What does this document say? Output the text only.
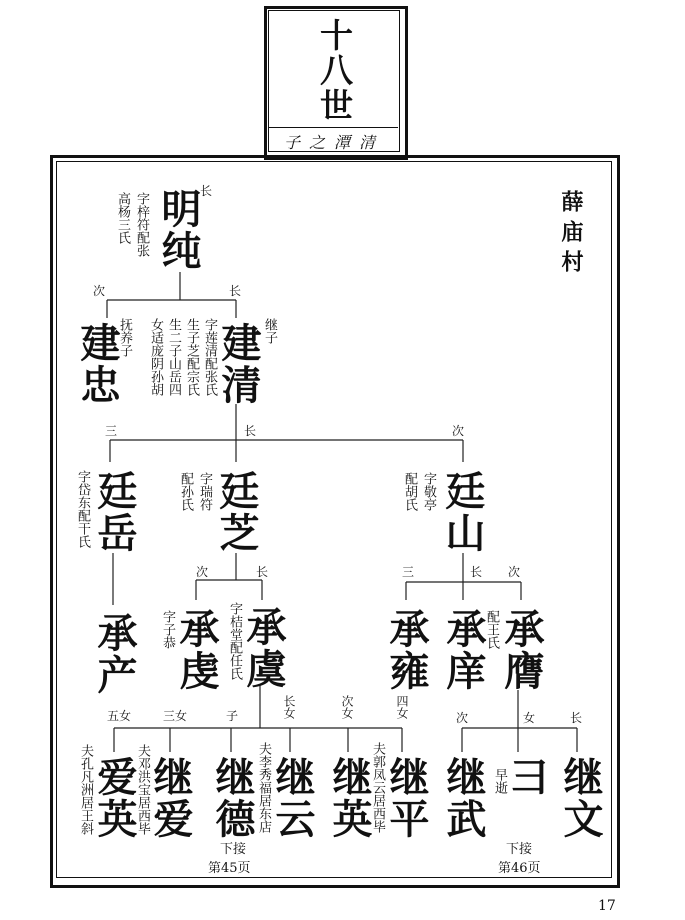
十八世
子之潭清
薛庙村
明纯 长
字梓符配张
高杨三氏
次	长
建忠
抚养子 女适庞阴孙胡 生二子山岳四 生子芝配宗氏 字莲清配张氏
建清 继子
三	长	次
字岱东配干氏 廷岳	配孙氏 字瑞符 廷芝	配胡氏 字敬亭 廷山
次	长	三	长 次
承产 字子恭
承虔 字桔堂配任氏
承虞 承雍 承庠
配王氏 承膺
五女	三女	子	长女	次女	四女	次	女	长
夫孔凡洲居王斜
爱英
夫邓洪宝居西毕
继爱 继德 夫李秀福居东店
继云 继英
夫郭凤云居西毕
继平 继武 早逝
彐 继文
下接
第45页
下接
第46页
17
